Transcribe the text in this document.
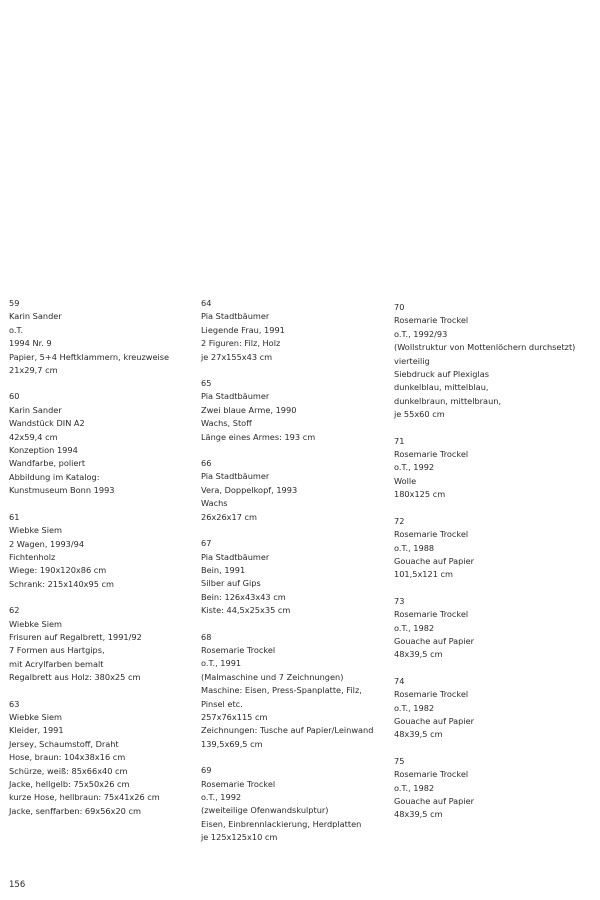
59
Karin Sander
o.T.
1994 Nr. 9
Papier, 5+4 Heftklammern, kreuzweise
21x29,7 cm
60
Karin Sander
Wandstück DIN A2
42x59,4 cm
Konzeption 1994
Wandfarbe, poliert
Abbildung im Katalog:
Kunstmuseum Bonn 1993
61
Wiebke Siem
2 Wagen, 1993/94
Fichtenholz
Wiege: 190x120x86 cm
Schrank: 215x140x95 cm
62
Wiebke Siem
Frisuren auf Regalbrett, 1991/92
7 Formen aus Hartgips,
mit Acrylfarben bemalt
Regalbrett aus Holz: 380x25 cm
63
Wiebke Siem
Kleider, 1991
Jersey, Schaumstoff, Draht
Hose, braun: 104x38x16 cm
Schürze, weiß: 85x66x40 cm
Jacke, hellgelb: 75x50x26 cm
kurze Hose, hellbraun: 75x41x26 cm
Jacke, senffarben: 69x56x20 cm
64
Pia Stadtbäumer
Liegende Frau, 1991
2 Figuren: Filz, Holz
je 27x155x43 cm
65
Pia Stadtbäumer
Zwei blaue Arme, 1990
Wachs, Stoff
Länge eines Armes: 193 cm
66
Pia Stadtbäumer
Vera, Doppelkopf, 1993
Wachs
26x26x17 cm
67
Pia Stadtbäumer
Bein, 1991
Silber auf Gips
Bein: 126x43x43 cm
Kiste: 44,5x25x35 cm
68
Rosemarie Trockel
o.T., 1991
(Malmaschine und 7 Zeichnungen)
Maschine: Eisen, Press-Spanplatte, Filz,
Pinsel etc.
257x76x115 cm
Zeichnungen: Tusche auf Papier/Leinwand
139,5x69,5 cm
69
Rosemarie Trockel
o.T., 1992
(zweiteilige Ofenwandskulptur)
Eisen, Einbrennlackierung, Herdplatten
je 125x125x10 cm
70
Rosemarie Trockel
o.T., 1992/93
(Wollstruktur von Mottenlöchern durchsetzt)
vierteilig
Siebdruck auf Plexiglas
dunkelblau, mittelblau,
dunkelbraun, mittelbraun,
je 55x60 cm
71
Rosemarie Trockel
o.T., 1992
Wolle
180x125 cm
72
Rosemarie Trockel
o.T., 1988
Gouache auf Papier
101,5x121 cm
73
Rosemarie Trockel
o.T., 1982
Gouache auf Papier
48x39,5 cm
74
Rosemarie Trockel
o.T., 1982
Gouache auf Papier
48x39,5 cm
75
Rosemarie Trockel
o.T., 1982
Gouache auf Papier
48x39,5 cm
156
